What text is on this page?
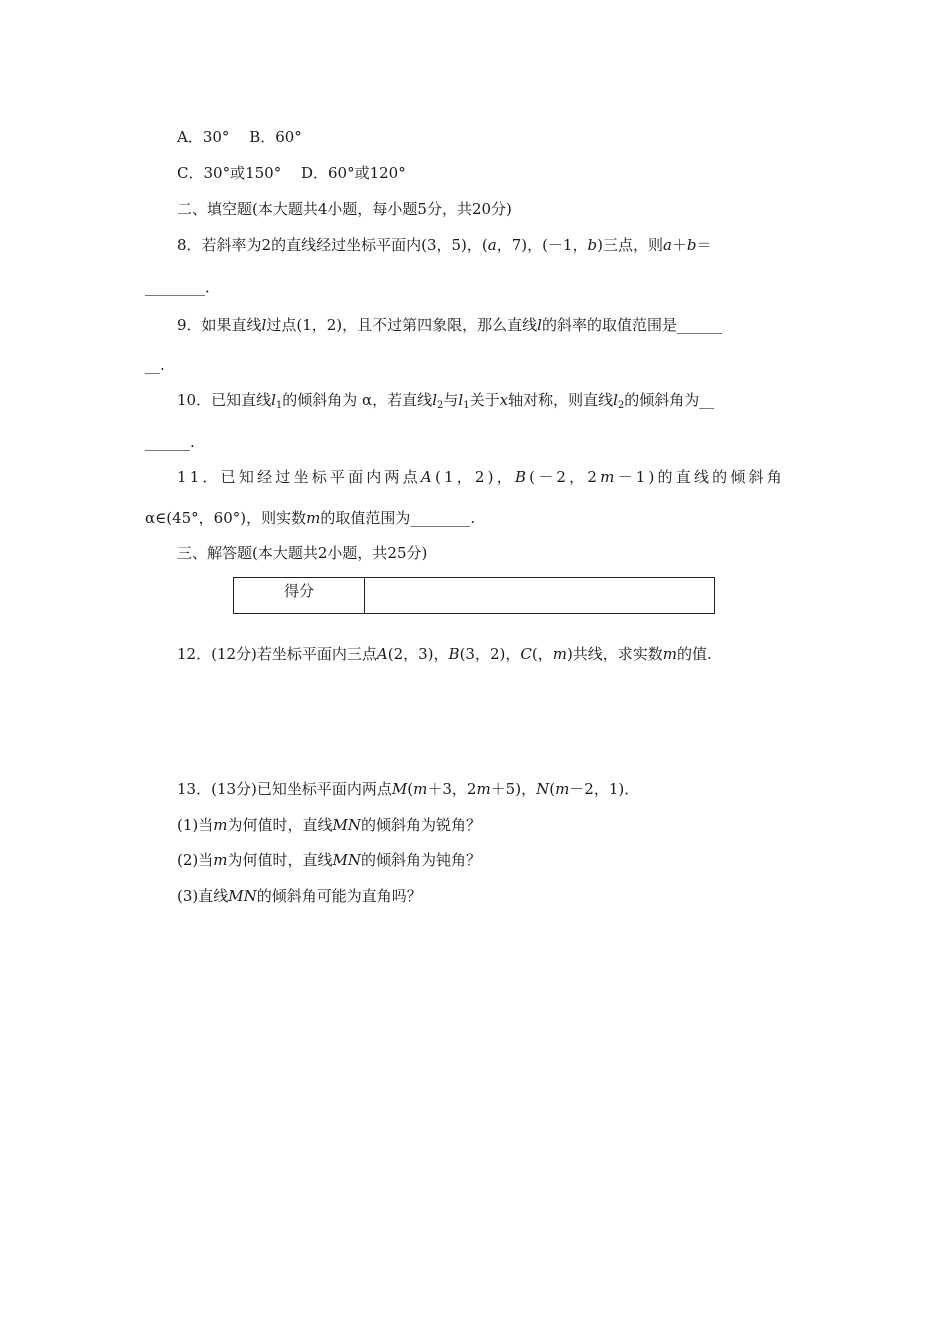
A．30°　 B．60°
C．30°或150°　 D．60°或120°
二、填空题(本大题共4小题，每小题5分，共20分)
8．若斜率为2的直线经过坐标平面内(3，5)，(a，7)，(－1，b)三点，则a＋b＝
________．
9．如果直线l过点(1，2)，且不过第四象限，那么直线l的斜率的取值范围是______
__.
10．已知直线$l_1$的倾斜角为 α，若直线$l_2$与$l_1$关于x轴对称，则直线$l_2$的倾斜角为__
______.
11．已知经过坐标平面内两点A(1，2)，B(－2，2m－1)的直线的倾斜角
α∈(45°，60°)，则实数m的取值范围为________.
三、解答题(本大题共2小题，共25分)
得分
12．(12分)若坐标平面内三点A(2，3)，B(3，2)，C(，m)共线，求实数m的值.
13．(13分)已知坐标平面内两点M(m＋3，2m＋5)，N(m－2，1)．
(1)当m为何值时，直线MN的倾斜角为锐角？
(2)当m为何值时，直线MN的倾斜角为钝角？
(3)直线MN的倾斜角可能为直角吗？
